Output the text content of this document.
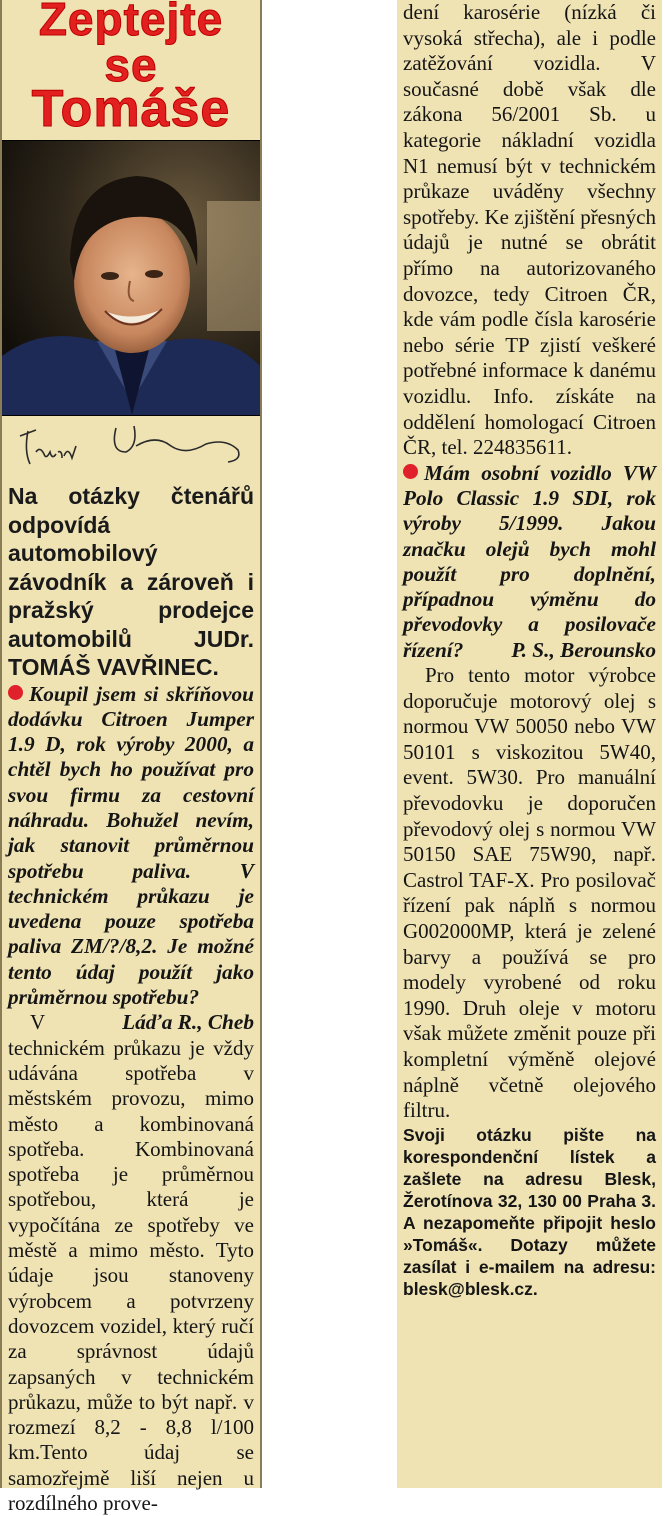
Zeptejte se
Tomáše

Na otázky čtenářů odpovídá automobilový závodník a zároveň i pražský prodejce automobilů JUDr. TOMÁŠ VAVŘINEC.

Koupil jsem si skříňovou dodávku Citroen Jumper 1.9 D, rok výroby 2000, a chtěl bych ho používat pro svou firmu za cestovní náhradu. Bohužel nevím, jak stanovit průměrnou spotřebu paliva. V technickém průkazu je uvedena pouze spotřeba paliva ZM/?/8,2. Je možné tento údaj použít jako průměrnou spotřebu?
Láďa R., Cheb

V technickém průkazu je vždy udávána spotřeba v městském provozu, mimo město a kombinovaná spotřeba. Kombinovaná spotřeba je průměrnou spotřebou, která je vypočítána ze spotřeby ve městě a mimo město. Tyto údaje jsou stanoveny výrobcem a potvrzeny dovozcem vozidel, který ručí za správnost údajů zapsaných v technickém průkazu, může to být např. v rozmezí 8,2 - 8,8 l/100 km.Tento údaj se samozřejmě liší nejen u rozdílného prove-

dení karosérie (nízká či vysoká střecha), ale i podle zatěžování vozidla. V současné době však dle zákona 56/2001 Sb. u kategorie nákladní vozidla N1 nemusí být v technickém průkaze uváděny všechny spotřeby. Ke zjištění přesných údajů je nutné se obrátit přímo na autorizovaného dovozce, tedy Citroen ČR, kde vám podle čísla karosérie nebo série TP zjistí veškeré potřebné informace k danému vozidlu. Info. získáte na oddělení homologací Citroen ČR, tel. 224835611.

Mám osobní vozidlo VW Polo Classic 1.9 SDI, rok výroby 5/1999. Jakou značku olejů bych mohl použít pro doplnění, případnou výměnu do převodovky a posilovače řízení? P. S., Berounsko

Pro tento motor výrobce doporučuje motorový olej s normou VW 50050 nebo VW 50101 s viskozitou 5W40, event. 5W30. Pro manuální převodovku je doporučen převodový olej s normou VW 50150 SAE 75W90, např. Castrol TAF-X. Pro posilovač řízení pak náplň s normou G002000MP, která je zelené barvy a používá se pro modely vyrobené od roku 1990. Druh oleje v motoru však můžete změnit pouze při kompletní výměně olejové náplně včetně olejového filtru.

Svoji otázku pište na korespondenční lístek a zašlete na adresu Blesk, Žerotínova 32, 130 00 Praha 3. A nezapomeňte připojit heslo »Tomáš«. Dotazy můžete zasílat i e-mailem na adresu: blesk@blesk.cz.
